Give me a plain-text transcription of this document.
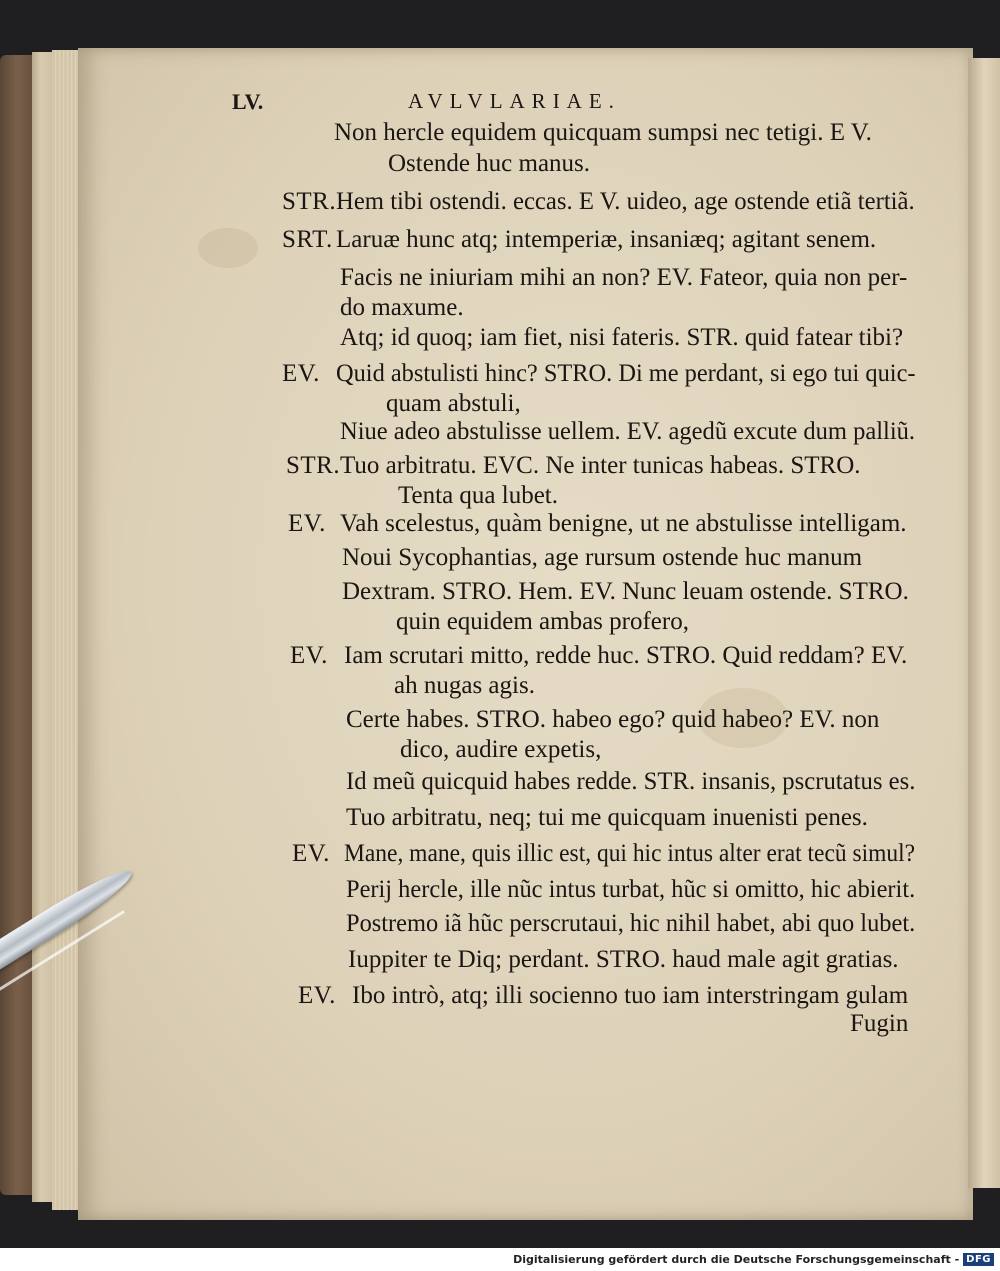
LV.	AVLVLARIAE.
Non hercle equidem quicquam sumpsi nec tetigi. E V.
Ostende huc manus.
STR. Hem tibi ostendi. eccas. E V. uideo, age ostende etiã tertiã.
SRT. Laruæ hunc atq; intemperiæ, insaniæq; agitant senem.
Facis ne iniuriam mihi an non? EV. Fateor, quia non per-
do maxume.
Atq; id quoq; iam fiet, nisi fateris. STR. quid fatear tibi?
EV. Quid abstulisti hinc? STRO. Di me perdant, si ego tui quic-
quam abstuli,
Niue adeo abstulisse uellem. EV. agedũ excute dum palliũ.
STR. Tuo arbitratu. EVC. Ne inter tunicas habeas. STRO.
Tenta qua lubet.
EV. Vah scelestus, quàm benigne, ut ne abstulisse intelligam.
Noui Sycophantias, age rursum ostende huc manum
Dextram. STRO. Hem. EV. Nunc leuam ostende. STRO.
quin equidem ambas profero,
EV. Iam scrutari mitto, redde huc. STRO. Quid reddam? EV.
ah nugas agis.
Certe habes. STRO. habeo ego? quid habeo? EV. non
dico, audire expetis,
Id meũ quicquid habes redde. STR. insanis, pscrutatus es.
Tuo arbitratu, neq; tui me quicquam inuenisti penes.
EV. Mane, mane, quis illic est, qui hic intus alter erat tecũ simul?
Perij hercle, ille nũc intus turbat, hũc si omitto, hic abierit.
Postremo iã hũc perscrutaui, hic nihil habet, abi quo lubet.
Iuppiter te Diq; perdant. STRO. haud male agit gratias.
EV. Ibo intrò, atq; illi socienno tuo iam interstringam gulam
Fugin
Digitalisierung gefördert durch die Deutsche Forschungsgemeinschaft - DFG
